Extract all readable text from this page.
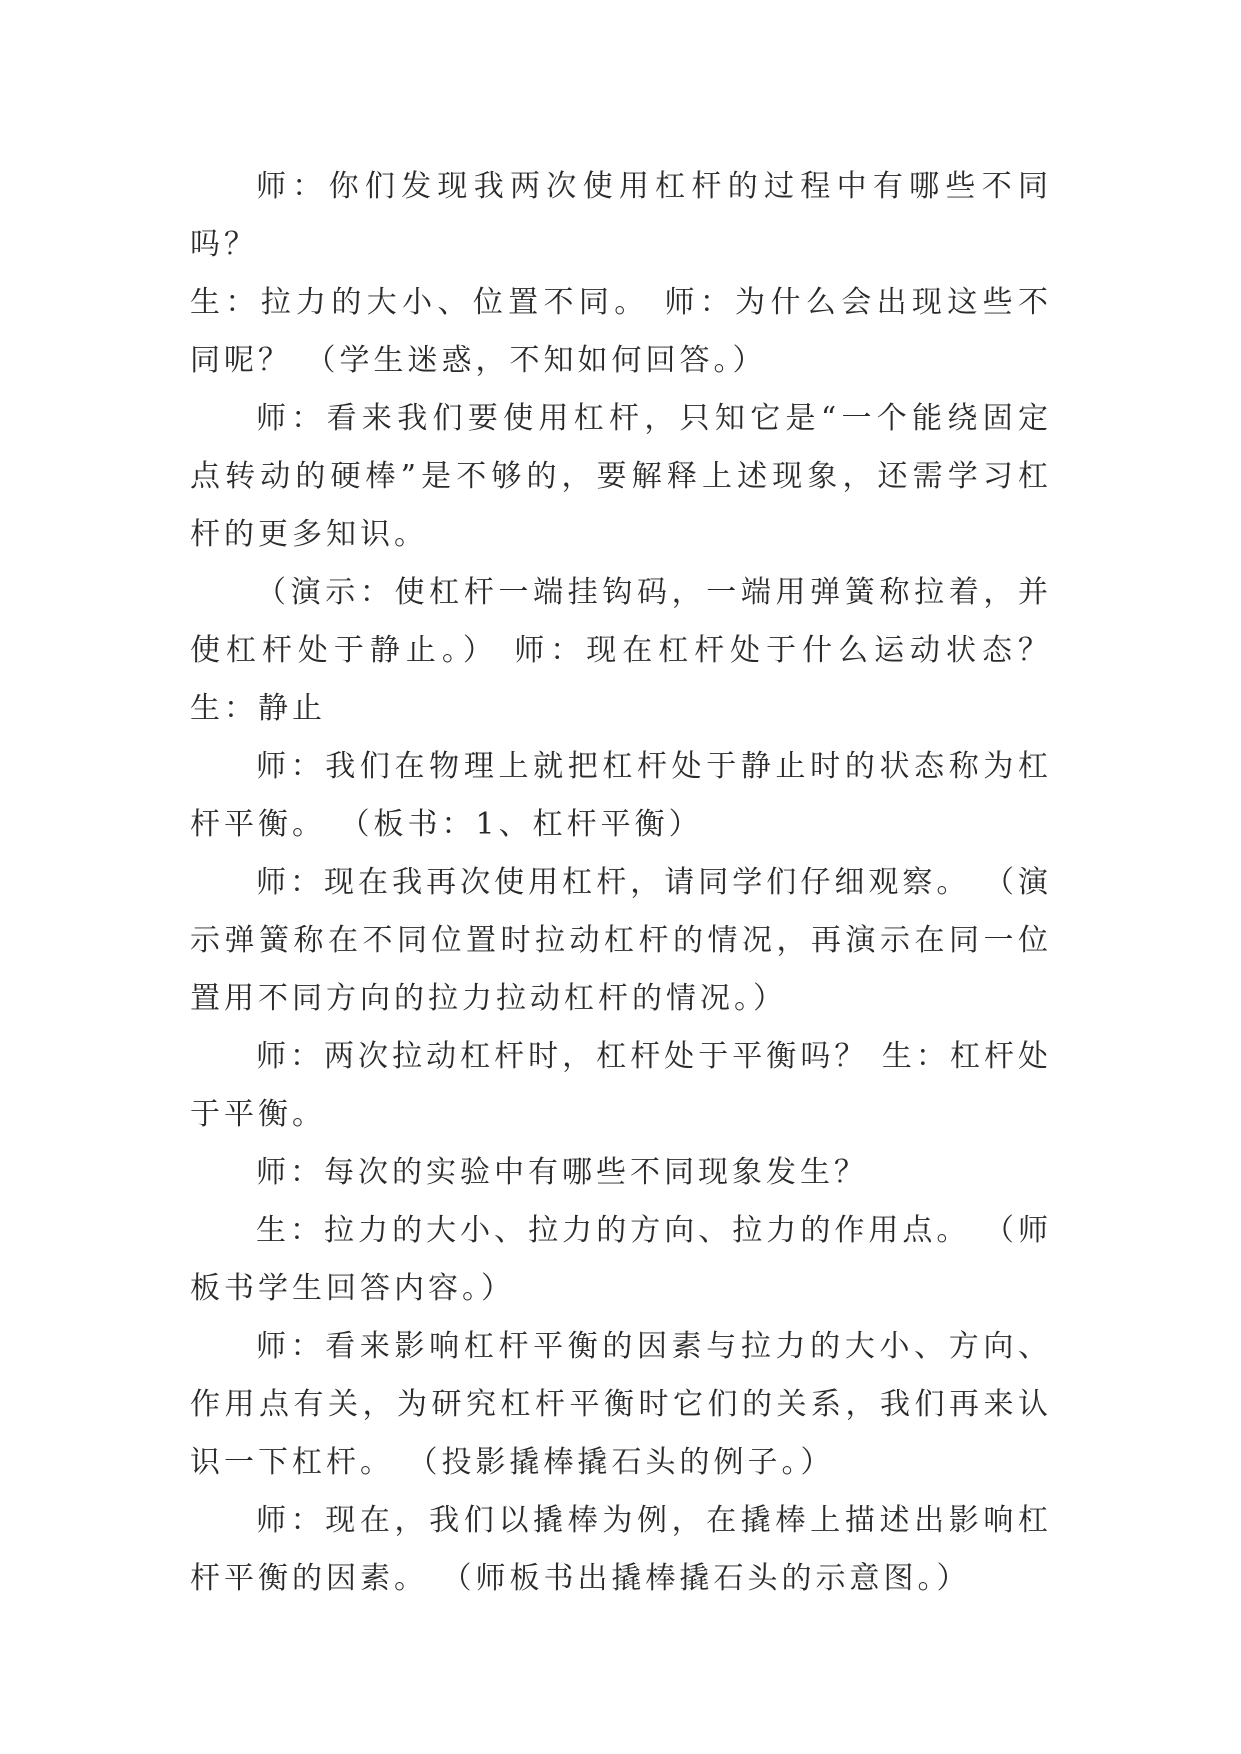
师：你们发现我两次使用杠杆的过程中有哪些不同吗？

生：拉力的大小、位置不同。 师：为什么会出现这些不同呢？ （学生迷惑，不知如何回答。）

师：看来我们要使用杠杆，只知它是“一个能绕固定点转动的硬棒”是不够的，要解释上述现象，还需学习杠杆的更多知识。

（演示：使杠杆一端挂钩码，一端用弹簧称拉着，并使杠杆处于静止。） 师：现在杠杆处于什么运动状态？ 生：静止

师：我们在物理上就把杠杆处于静止时的状态称为杠杆平衡。 （板书：1、杠杆平衡）

师：现在我再次使用杠杆，请同学们仔细观察。 （演示弹簧称在不同位置时拉动杠杆的情况，再演示在同一位置用不同方向的拉力拉动杠杆的情况。）

师：两次拉动杠杆时，杠杆处于平衡吗？ 生：杠杆处于平衡。

师：每次的实验中有哪些不同现象发生？

生：拉力的大小、拉力的方向、拉力的作用点。 （师板书学生回答内容。）

师：看来影响杠杆平衡的因素与拉力的大小、方向、作用点有关，为研究杠杆平衡时它们的关系，我们再来认识一下杠杆。 （投影撬棒撬石头的例子。）

师：现在，我们以撬棒为例，在撬棒上描述出影响杠杆平衡的因素。 （师板书出撬棒撬石头的示意图。）
